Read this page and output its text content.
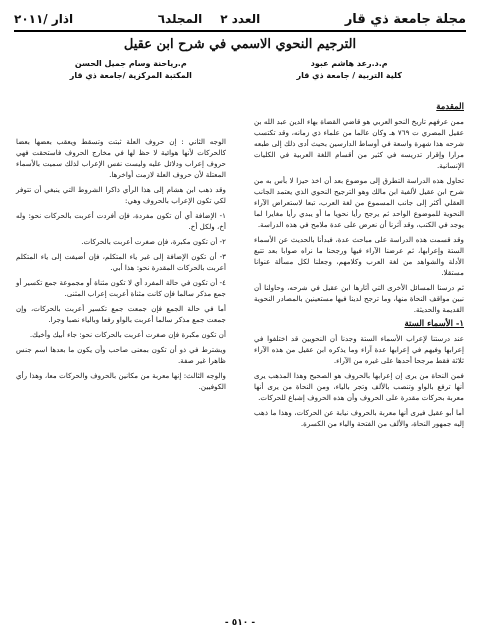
مجلة جامعة ذي قار
العدد ٢
المجلد٦
اذار /٢٠١١
الترجيم النحوي الاسمي في شرح ابن عقيل
م.د.رعد هاشم عبود
كلية التربية / جامعة ذي قار
م.رياحنة وسام جميل الحسن
المكتبة المركزية /جامعة ذي قار
المقدمة

ممن عرفهم تاريخ النحو العربي هو قاضي القضاة بهاء الدين عبد الله بن عقيل المصري ت ٧٦٩ هـ وكان عالما من علماء ذي زمانه، وقد تكتسب شرحه هذا شهرة واسعة في أوساط الدارسين بحيث أدى ذلك إلى طبعه مرارا وإقرار تدريسه في كثير من أقسام اللغة العربية في الكليات الإنسانية.

تحاول هذه الدراسة التطرق إلى موضوع بعد أن اخذ حيزا لا بأس به من شرح ابن عقيل لألفية ابن مالك وهو الترجيح النحوي الذي يعتمد الجانب العقلي أكثر إلى جانب المسموع من لغة العرب، تبعا لاستعراض الآراء النحوية للموضوع الواحد ثم يرجح رأيا نحويا ما أو يبدي رأيا مغايرا لما يوجد في الكتب، وقد آثرنا أن نعرض على عدة ملامح في هذه الدراسة.

وقد قسمت هذه الدراسة على مباحث عدة، فبدأنا بالحديث عن الأسماء الستة وإعرابها، ثم عرضنا الآراء فيها ورجحنا ما نراه صوابا بعد تتبع الأدلة والشواهد من لغة العرب وكلامهم، وجعلنا لكل مسألة عنوانا مستقلا.

ثم درسنا المسائل الأخرى التي أثارها ابن عقيل في شرحه، وحاولنا أن نبين مواقف النحاة منها، وما ترجح لدينا فيها مستعينين بالمصادر النحوية القديمة والحديثة.

١- الأسماء الستة

عند درستنا لإعراب الأسماء الستة وجدنا أن النحويين قد اختلفوا في إعرابها وفيهم في إعرابها عدة آراء وما يذكره ابن عقيل من هذه الآراء ثلاثة فقط مرجحا أحدها على غيره من الآراء.

فمن النحاة من يرى إن إعرابها بالحروف هو الصحيح وهذا المذهب يرى أنها ترفع بالواو وتنصب بالألف وتجر بالياء، ومن النحاة من يرى أنها معربة بحركات مقدرة على الحروف وأن هذه الحروف إشباع للحركات.

أما أبو عقيل فيرى أنها معربة بالحروف نيابة عن الحركات، وهذا ما ذهب إليه جمهور النحاة، والألف من الفتحة والياء من الكسرة.

الوجه الثاني : إن حروف العلة ثبتت وتسقط ويعقب بعضها بعضا كالحركات لأنها هوائية لا حظ لها في مخارج الحروف فاستحقت فهي حروف إعراب ودلائل عليه وليست نفس الإعراب لذلك سميت بالأسماء المعتلة لأن حروف العلة لازمت أواخرها.

وقد ذهب ابن هشام إلى هذا الرأي ذاكرا الشروط التي ينبغي أن تتوفر لكي تكون الإعراب بالحروف وهي:

١- الإضافة أي أن تكون مفردة، فإن أفردت أعربت بالحركات نحو: وله أخ، ولكل أخ.

٢- أن تكون مكبرة، فإن صغرت أعربت بالحركات.

٣- أن تكون الإضافة إلى غير ياء المتكلم، فإن أضيفت إلى ياء المتكلم أعربت بالحركات المقدرة نحو: هذا أبي.

٤- أن تكون في حالة المفرد أي لا تكون مثناة أو مجموعة جمع تكسير أو جمع مذكر سالما فإن كانت مثناة أعربت إعراب المثنى.

أما في حالة الجمع فإن جمعت جمع تكسير أعربت بالحركات، وإن جمعت جمع مذكر سالما أعربت بالواو رفعا وبالياء نصبا وجرا.

أن تكون مكبرة فإن صغرت أعربت بالحركات نحو: جاء أبيك وأخيك.

ويشترط في ذو أن تكون بمعنى صاحب وأن يكون ما بعدها اسم جنس ظاهرا غير صفة.

والوجه الثالث: إنها معربة من مكانين بالحروف والحركات معا، وهذا رأي الكوفيين.

- ٥١٠ -
